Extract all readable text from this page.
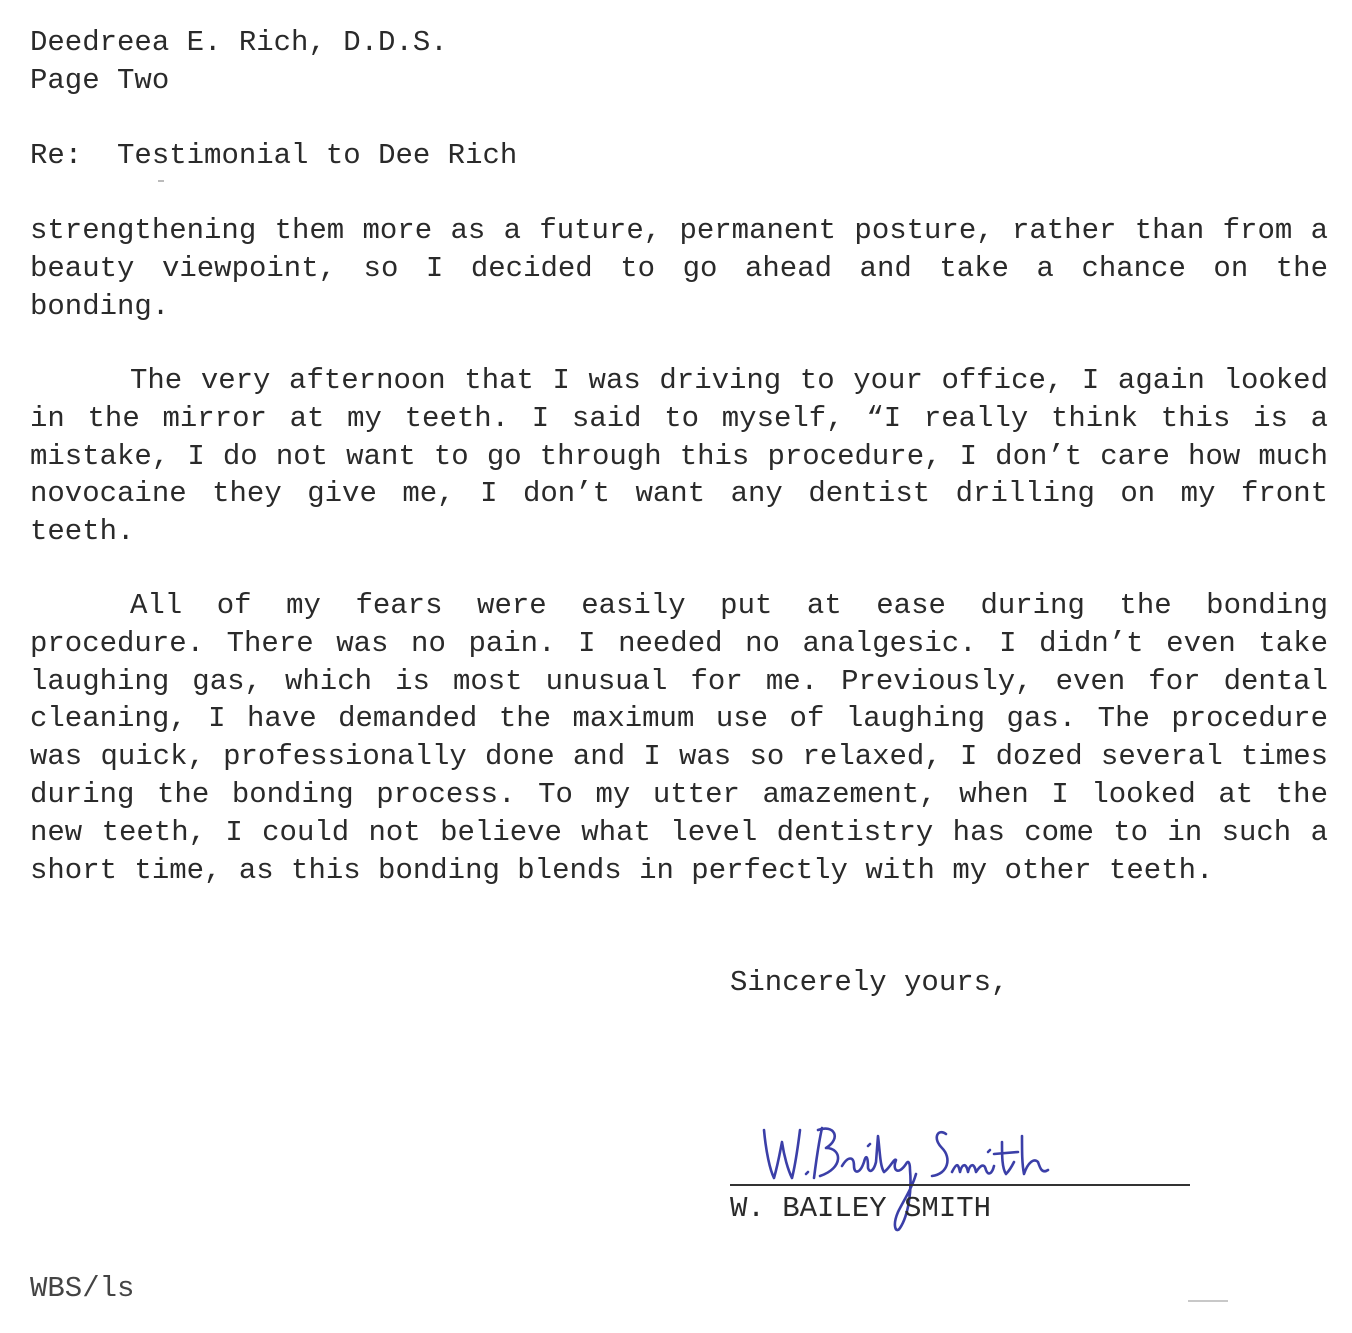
Deedreea E. Rich, D.D.S.
Page Two
Re: Testimonial to Dee Rich

strengthening them more as a future, permanent posture, rather than from a beauty viewpoint, so I decided to go ahead and take a chance on the bonding.

The very afternoon that I was driving to your office, I again looked in the mirror at my teeth. I said to myself, “I really think this is a mistake, I do not want to go through this procedure, I don’t care how much novocaine they give me, I don’t want any dentist drilling on my front teeth.

All of my fears were easily put at ease during the bonding procedure. There was no pain. I needed no analgesic. I didn’t even take laughing gas, which is most unusual for me. Previously, even for dental cleaning, I have demanded the maximum use of laughing gas. The procedure was quick, professionally done and I was so relaxed, I dozed several times during the bonding process. To my utter amazement, when I looked at the new teeth, I could not believe what level dentistry has come to in such a short time, as this bonding blends in perfectly with my other teeth.

Sincerely yours,
W. BAILEY SMITH
WBS/ls
